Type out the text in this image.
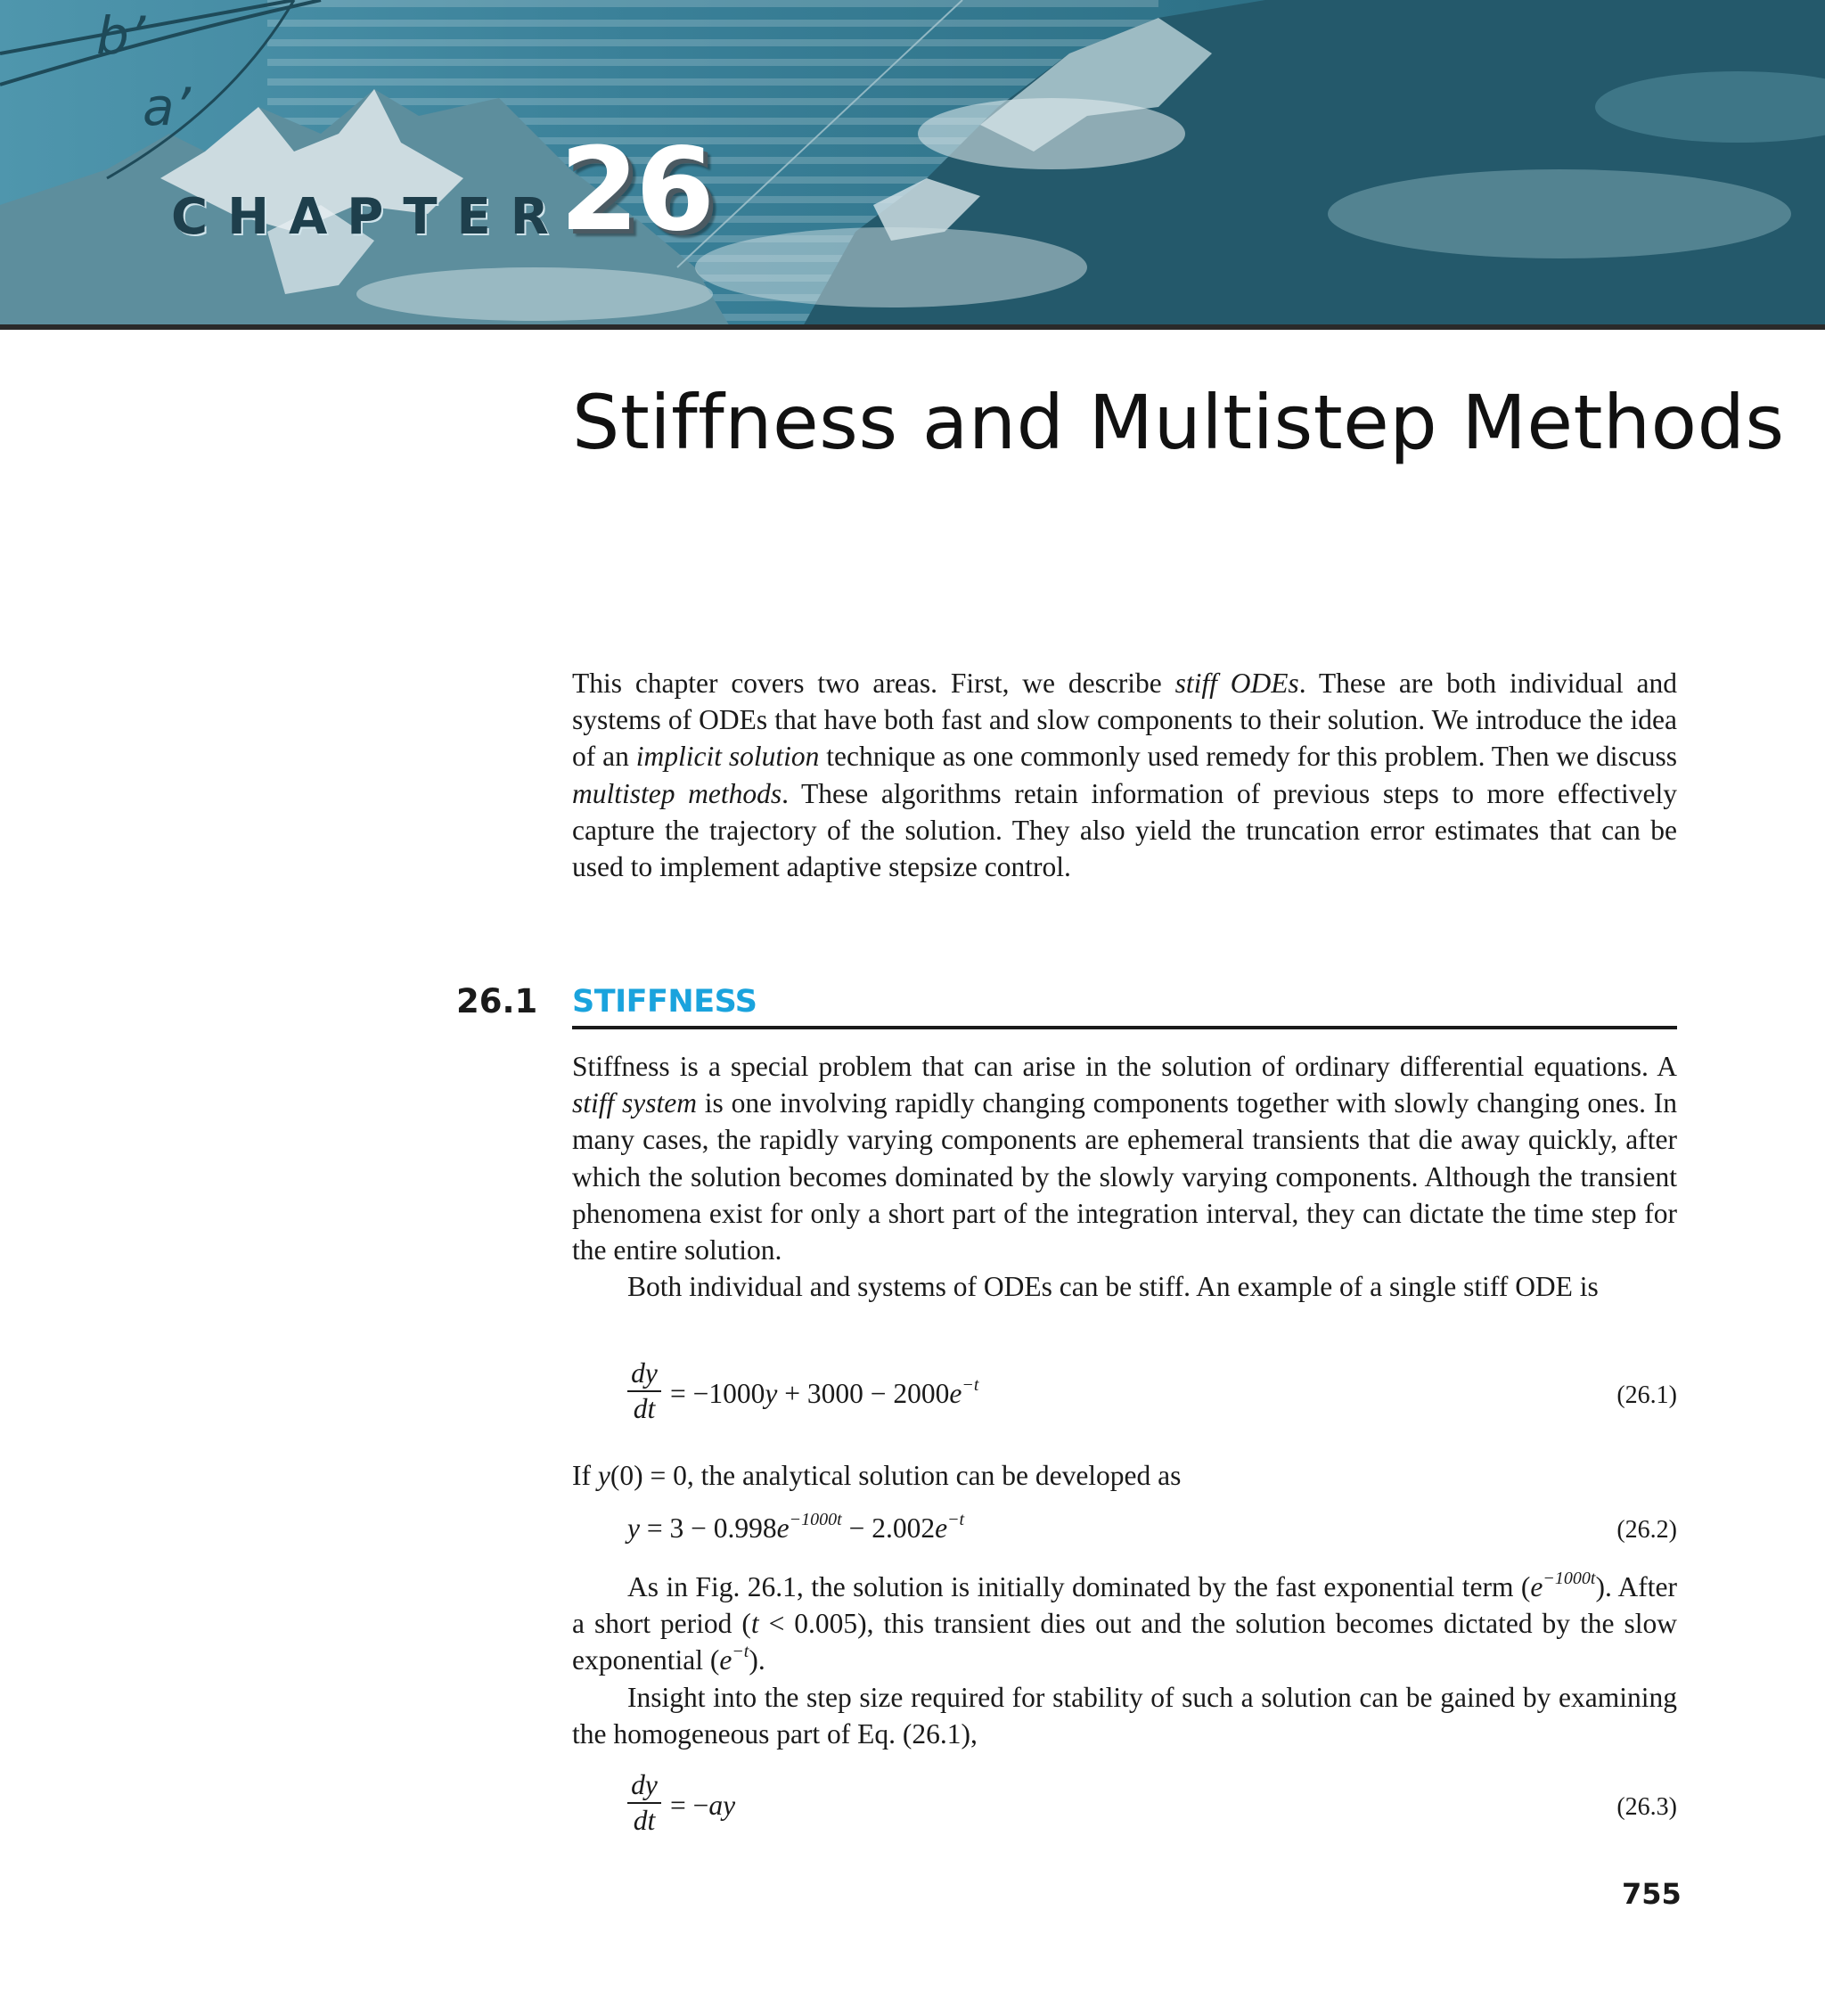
b’
a’
CHAPTER
26
Stiffness and Multistep Methods

This chapter covers two areas. First, we describe stiff ODEs. These are both individual and systems of ODEs that have both fast and slow components to their solution. We introduce the idea of an implicit solution technique as one commonly used remedy for this problem. Then we discuss multistep methods. These algorithms retain information of previous steps to more effectively capture the trajectory of the solution. They also yield the truncation error estimates that can be used to implement adaptive stepsize control.

26.1 STIFFNESS

Stiffness is a special problem that can arise in the solution of ordinary differential equations. A stiff system is one involving rapidly changing components together with slowly changing ones. In many cases, the rapidly varying components are ephemeral transients that die away quickly, after which the solution becomes dominated by the slowly varying components. Although the transient phenomena exist for only a short part of the integration interval, they can dictate the time step for the entire solution.

Both individual and systems of ODEs can be stiff. An example of a single stiff ODE is

dy
dt = $-1000y + 3000 - 2000e^{-t}$	(26.1)

If y(0) = 0, the analytical solution can be developed as

$y = 3 - 0.998e^{-1000t} - 2.002e^{-t}$	(26.2)

As in Fig. 26.1, the solution is initially dominated by the fast exponential term $(e^{-1000t})$. After a short period (t < 0.005), this transient dies out and the solution becomes dictated by the slow exponential $(e^{-t})$.

Insight into the step size required for stability of such a solution can be gained by examining the homogeneous part of Eq. (26.1),

dy
dt = −ay	(26.3)
755
